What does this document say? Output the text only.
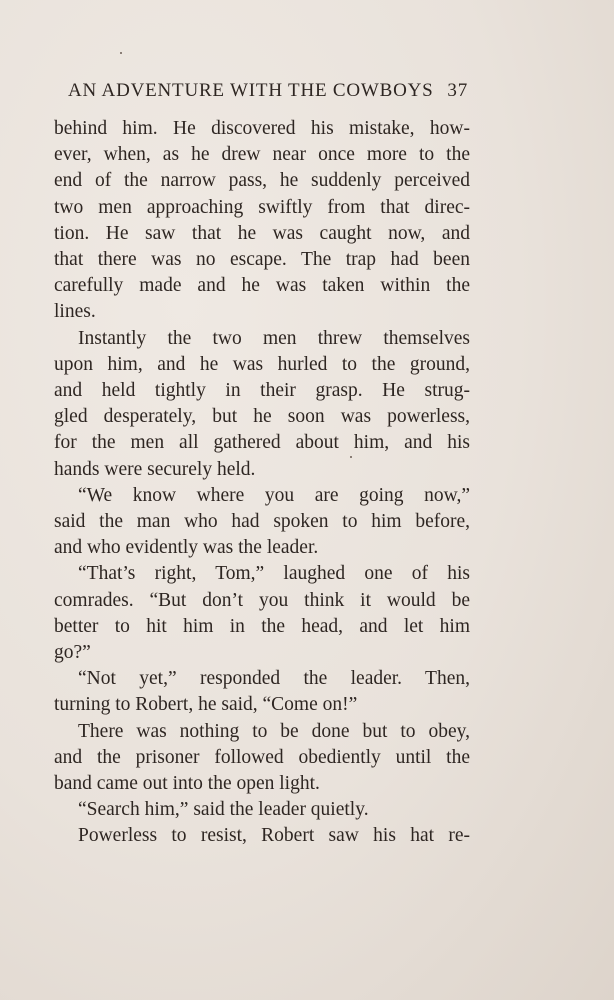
AN ADVENTURE WITH THE COWBOYS 37
behind him. He discovered his mistake, how-
ever, when, as he drew near once more to the
end of the narrow pass, he suddenly perceived
two men approaching swiftly from that direc-
tion. He saw that he was caught now, and
that there was no escape. The trap had been
carefully made and he was taken within the
lines.
Instantly the two men threw themselves
upon him, and he was hurled to the ground,
and held tightly in their grasp. He strug-
gled desperately, but he soon was powerless,
for the men all gathered about him, and his
hands were securely held.
“We know where you are going now,”
said the man who had spoken to him before,
and who evidently was the leader.
“That’s right, Tom,” laughed one of his
comrades. “But don’t you think it would be
better to hit him in the head, and let him
go?”
“Not yet,” responded the leader. Then,
turning to Robert, he said, “Come on!”
There was nothing to be done but to obey,
and the prisoner followed obediently until the
band came out into the open light.
“Search him,” said the leader quietly.
Powerless to resist, Robert saw his hat re-
